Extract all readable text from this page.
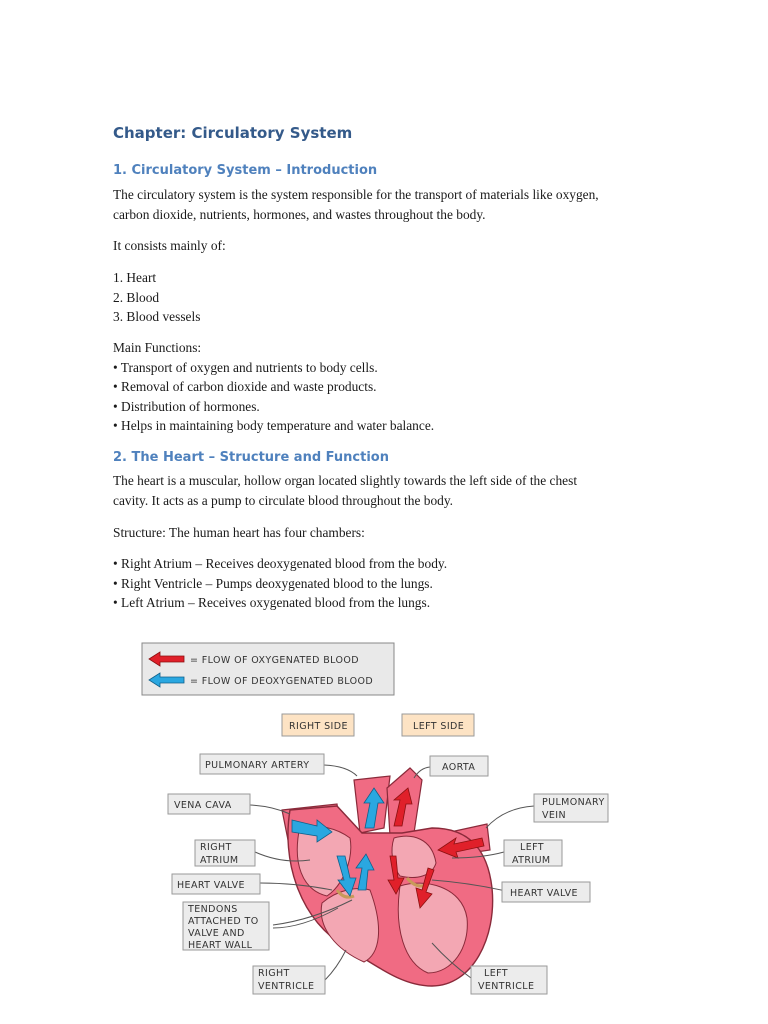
Chapter: Circulatory System
1. Circulatory System – Introduction

The circulatory system is the system responsible for the transport of materials like oxygen,
carbon dioxide, nutrients, hormones, and wastes throughout the body.

It consists mainly of:

1. Heart
2. Blood
3. Blood vessels

Main Functions:
• Transport of oxygen and nutrients to body cells.
• Removal of carbon dioxide and waste products.
• Distribution of hormones.
• Helps in maintaining body temperature and water balance.

2. The Heart – Structure and Function

The heart is a muscular, hollow organ located slightly towards the left side of the chest
cavity. It acts as a pump to circulate blood throughout the body.

Structure: The human heart has four chambers:

• Right Atrium – Receives deoxygenated blood from the body.
• Right Ventricle – Pumps deoxygenated blood to the lungs.
• Left Atrium – Receives oxygenated blood from the lungs.

= FLOW OF OXYGENATED BLOOD
= FLOW OF DEOXYGENATED BLOOD
RIGHT SIDE	LEFT SIDE
PULMONARY ARTERY	AORTA
VENA CAVA	PULMONARY
VEIN
RIGHT
ATRIUM
LEFT
ATRIUM
HEART VALVE
HEART VALVE
TENDONS
ATTACHED TO
VALVE AND
HEART WALL
RIGHT
VENTRICLE
LEFT
VENTRICLE
